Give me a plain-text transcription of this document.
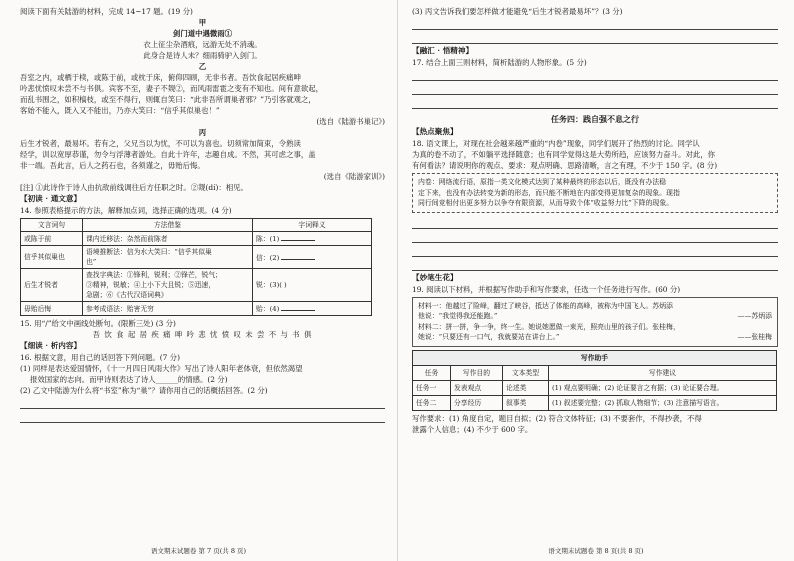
阅读下面有关陆游的材料，完成 14~17 题。(19 分)
甲
剑门道中遇微雨①
衣上征尘杂酒痕，远游无处不消魂。
此身合是诗人未？细雨骑驴入剑门。
乙
吾室之内，或栖于椟，或陈于前，或枕于床，俯仰四顾，无非书者。吾饮食起居疾痛呻
吟悲忧愤叹未尝不与书俱。宾客不至，妻子不觌②，而风雨雷雹之变有不知也。间有意欲起，
而乱书围之，如积槁枝，或至不得行，则辄自笑曰：“此非吾所谓巢者邪？”乃引客就观之，
客始不能入，既入又不能出，乃亦大笑曰：“信乎其似巢也！”
(选自《陆游书巢记》)
丙
后生才锐者，最易坏。若有之，父兄当以为忧，不可以为喜也。切须常加简束，令熟读
经学，训以宽厚恭谨，勿令与浮薄者游处。自此十许年，志趣自成。不然，其可虑之事，盖
非一端。吾此言，后人之药石也，各须谨之，毋贻后悔。
(选自《陆游家训》)
[注] ①此诗作于诗人由抗敌前线调往后方任职之时。②觌(dí)：相见。
【初读 · 通文意】
14. 参照表格提示的方法，解释加点词，选择正确的选项。(4 分)
文言词句	方法借鉴	字词释义
或陈于前	课内迁移法：杂然而前陈者	陈：(1)
信乎其似巢也	语境推断法：信为水大笑曰：“信乎其似巢
也”	信：(2)
后生才锐者	查找字典法：①锋利，锐利；②锋芒，锐气；
③精神，锐敏；④上小下大且锐；⑤迅速，
急剧；⑥《古代汉语词典》	锐：(3)( )
毋贻后悔	参考成语法：贻害无穷	贻：(4)
15. 用“/”给文中画线处断句。(限断三处) (3 分)
吾 饮 食 起 居 疾 痛 呻 吟 悲 忧 愤 叹 未 尝 不 与 书 俱
【细读 · 析内容】
16. 根据文意，用自己的话回答下列问题。(7 分)
(1) 同样是表达爱国情怀，《十一月四日风雨大作》写出了诗人阳年老体衰，但依然渴望
报效国家的志向。而甲诗则表达了诗人______的情感。(2 分)
(2) 乙文中陆游为什么将“书室”称为“巢”？请你用自己的话概括回答。(2 分)
语文期末试题卷 第 7 页(共 8 页)
(3) 丙文告诉我们要怎样做才能避免“后生才锐者最易坏”？(3 分)
【融汇 · 悟精神】
17. 结合上面三则材料，简析陆游的人物形象。(5 分)
任务四：践自强不息之行
【热点聚焦】
18. 语文课上，对现在社会越来越严重的“内卷”现象，同学们展开了热烈的讨论。同学认
为真的卷不动了，不如躺平选择随意；也有同学觉得这是大势所趋，应该努力奋斗。对此，你
有何看法？请说明你的观点、要求：观点明确、思路清晰，言之有理，不少于 150 字。(8 分)
内卷：网络流行语，原指一类文化模式达到了某种最终的形态以后，既没有办法稳
定下来，也没有办法转变为新的形态，而只能不断地在内部变得更加复杂的现象。现指
同行间竞相付出更多努力以争夺有限资源，从而导致个体“收益努力比”下降的现象。
【妙笔生花】
19. 阅读以下材料，并根据写作助手和写作要求，任选一个任务进行写作。(60 分)
材料一：他越过了险峰，翻过了峡谷，抵达了体能的高峰，被称为中国飞人。苏炳添
他说：“我觉得我还能跑。”	——苏炳添
材料二：拼一拼，争一争，终一生。她说她愿做一束光，照亮山里的孩子们。张桂梅，
她说：“只要还有一口气，我就要站在讲台上。”	——张桂梅
写作助手			
任务	写作目的	文本类型	写作建议
任务一	发表观点	论述类	(1) 观点要明确；(2) 论证要言之有据；(3) 论证要合理。
任务二	分享经历	叙事类	(1) 叙述要完整；(2) 抓取人物细节；(3) 注意描写语言。
写作要求：(1) 角度自定，题目自拟；(2) 符合文体特征；(3) 不要套作，不得抄袭，不得
泄露个人信息；(4) 不少于 600 字。
语文期末试题卷 第 8 页(共 8 页)
